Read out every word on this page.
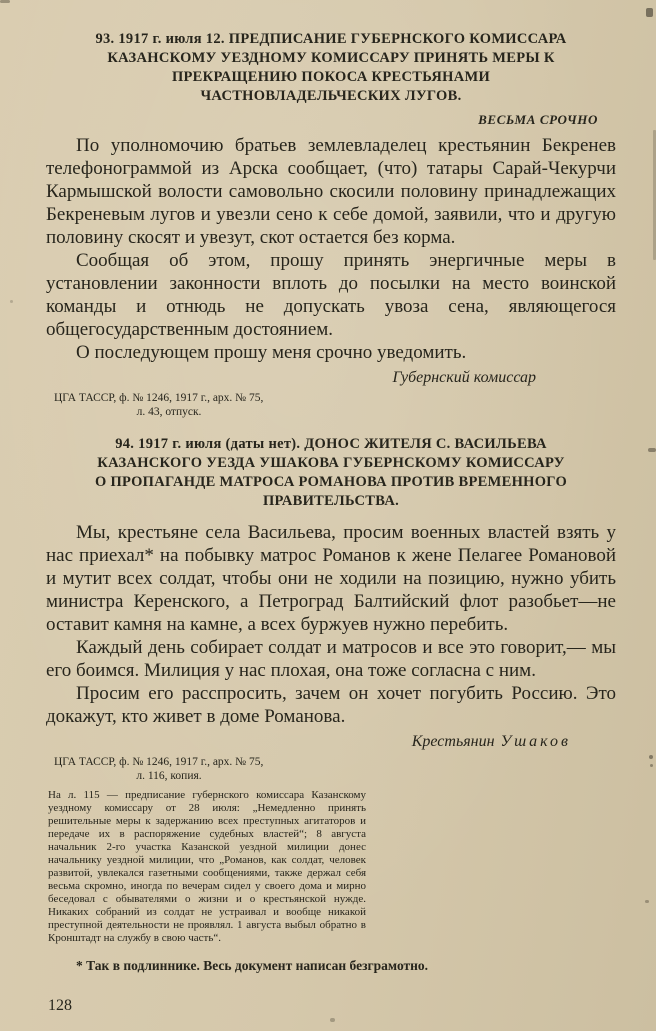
93. 1917 г. июля 12. ПРЕДПИСАНИЕ ГУБЕРНСКОГО КОМИССАРА КАЗАНСКОМУ УЕЗДНОМУ КОМИССАРУ ПРИНЯТЬ МЕРЫ К ПРЕКРАЩЕНИЮ ПОКОСА КРЕСТЬЯНАМИ ЧАСТНОВЛАДЕЛЬЧЕСКИХ ЛУГОВ.
ВЕСЬМА СРОЧНО

По уполномочию братьев землевладелец крестьянин Бекренев телефонограммой из Арска сообщает, (что) татары Сарай-Чекурчи Кармышской волости самовольно скосили половину принадлежащих Бекреневым лугов и увезли сено к себе домой, заявили, что и другую половину скосят и увезут, скот остается без корма.

Сообщая об этом, прошу принять энергичные меры в установлении законности вплоть до посылки на место воинской команды и отнюдь не допускать увоза сена, являющегося общегосударственным достоянием.

О последующем прошу меня срочно уведомить.

Губернский комиссар
ЦГА ТАССР, ф. № 1246, 1917 г., арх. № 75,
л. 43, отпуск.
94. 1917 г. июля (даты нет). ДОНОС ЖИТЕЛЯ С. ВАСИЛЬЕВА КАЗАНСКОГО УЕЗДА УШАКОВА ГУБЕРНСКОМУ КОМИССАРУ О ПРОПАГАНДЕ МАТРОСА РОМАНОВА ПРОТИВ ВРЕМЕННОГО ПРАВИТЕЛЬСТВА.

Мы, крестьяне села Васильева, просим военных властей взять у нас приехал* на побывку матрос Романов к жене Пелагее Романовой и мутит всех солдат, чтобы они не ходили на позицию, нужно убить министра Керенского, а Петроград Балтийский флот разобьет—не оставит камня на камне, а всех буржуев нужно перебить.

Каждый день собирает солдат и матросов и все это говорит,— мы его боимся. Милиция у нас плохая, она тоже согласна с ним.

Просим его расспросить, зачем он хочет погубить Россию. Это докажут, кто живет в доме Романова.

Крестьянин Ушаков
ЦГА ТАССР, ф. № 1246, 1917 г., арх. № 75,
л. 116, копия.
На л. 115 — предписание губернского комиссара Казанскому уездному комиссару от 28 июля: „Немедленно принять решительные меры к задержанию всех преступных агитаторов и передаче их в распоряжение судебных властей“; 8 августа начальник 2-го участка Казанской уездной милиции донес начальнику уездной милиции, что „Романов, как солдат, человек развитой, увлекался газетными сообщениями, также держал себя весьма скромно, иногда по вечерам сидел у своего дома и мирно беседовал с обывателями о жизни и о крестьянской нужде. Никаких собраний из солдат не устраивал и вообще никакой преступной деятельности не проявлял. 1 августа выбыл обратно в Кронштадт на службу в свою часть“.
* Так в подлиннике. Весь документ написан безграмотно.
128
